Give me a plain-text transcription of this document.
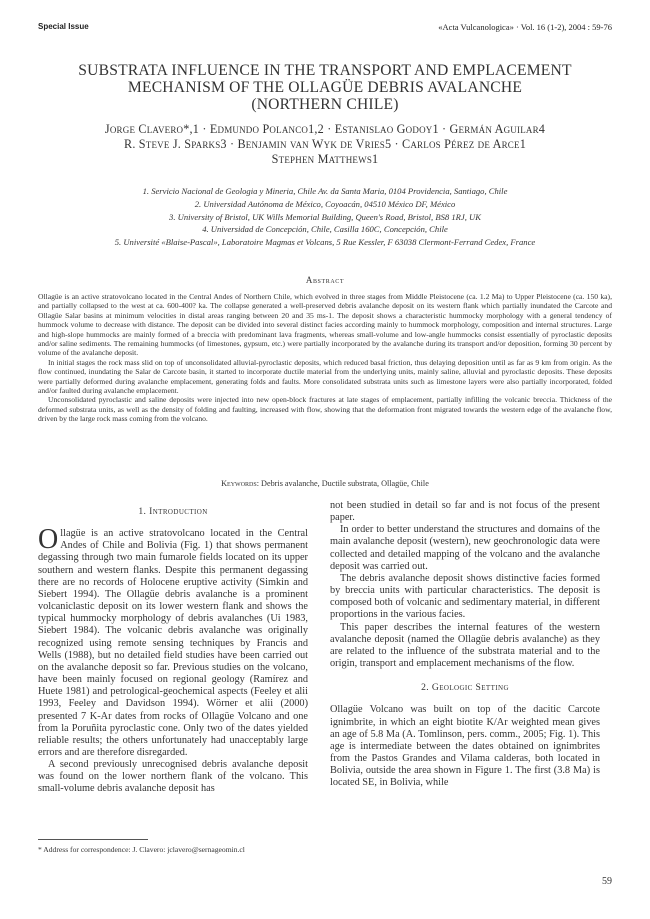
Special Issue	«Acta Vulcanologica» · Vol. 16 (1-2), 2004 : 59-76
SUBSTRATA INFLUENCE IN THE TRANSPORT AND EMPLACEMENT
MECHANISM OF THE OLLAGÜE DEBRIS AVALANCHE
(NORTHERN CHILE)
Jorge Clavero*,1 · Edmundo Polanco1,2 · Estanislao Godoy1 · Germán Aguilar4
R. Steve J. Sparks3 · Benjamin van Wyk de Vries5 · Carlos Pérez de Arce1
Stephen Matthews1
1. Servicio Nacional de Geologia y Mineria, Chile Av. da Santa Maria, 0104 Providencia, Santiago, Chile
2. Universidad Autónoma de México, Coyoacán, 04510 México DF, México
3. University of Bristol, UK Wills Memorial Building, Queen's Road, Bristol, BS8 1RJ, UK
4. Universidad de Concepción, Chile, Casilla 160C, Concepción, Chile
5. Université «Blaise-Pascal», Laboratoire Magmas et Volcans, 5 Rue Kessler, F 63038 Clermont-Ferrand Cedex, France
Abstract

Ollagüe is an active stratovolcano located in the Central Andes of Northern Chile, which evolved in three stages from Middle Pleistocene (ca. 1.2 Ma) to Upper Pleistocene (ca. 150 ka), and partially collapsed to the west at ca. 600-400? ka. The collapse generated a well-preserved debris avalanche deposit on its western flank which partially inundated the Carcote and Ollagüe Salar basins at minimum velocities in distal areas ranging between 20 and 35 ms-1. The deposit shows a characteristic hummocky morphology with a general tendency of hummock volume to decrease with distance. The deposit can be divided into several distinct facies according mainly to hummock morphology, composition and internal structures. Large and high-slope hummocks are mainly formed of a breccia with predominant lava fragments, whereas small-volume and low-angle hummocks consist essentially of pyroclastic deposits and/or saline sediments. The remaining hummocks (of limestones, gypsum, etc.) were partially incorporated by the avalanche during its transport and/or deposition, forming 30 percent by volume of the avalanche deposit.

In initial stages the rock mass slid on top of unconsolidated alluvial-pyroclastic deposits, which reduced basal friction, thus delaying deposition until as far as 9 km from origin. As the flow continued, inundating the Salar de Carcote basin, it started to incorporate ductile material from the underlying units, mainly saline, alluvial and pyroclastic deposits. These deposits were partially deformed during avalanche emplacement, generating folds and faults. More consolidated substrata units such as limestone layers were also partially incorporated, folded and/or faulted during avalanche emplacement.

Unconsolidated pyroclastic and saline deposits were injected into new open-block fractures at late stages of emplacement, partially infilling the volcanic breccia. Thickness of the deformed substrata units, as well as the density of folding and faulting, increased with flow, showing that the deformation front migrated towards the western edge of the avalanche flow, driven by the large rock mass coming from the volcano.

Keywords: Debris avalanche, Ductile substrata, Ollagüe, Chile
1. Introduction

Ollagüe is an active stratovolcano located in the Central Andes of Chile and Bolivia (Fig. 1) that shows permanent degassing through two main fumarole fields located on its upper southern and western flanks. Despite this permanent degassing there are no records of Holocene eruptive activity (Simkin and Siebert 1994). The Ollagüe debris avalanche is a prominent volcaniclastic deposit on its lower western flank and shows the typical hummocky morphology of debris avalanches (Ui 1983, Siebert 1984). The volcanic debris avalanche was originally recognized using remote sensing techniques by Francis and Wells (1988), but no detailed field studies have been carried out on the avalanche deposit so far. Previous studies on the volcano, have been mainly focused on regional geology (Ramírez and Huete 1981) and petrological-geochemical aspects (Feeley et alii 1993, Feeley and Davidson 1994). Wörner et alii (2000) presented 7 K-Ar dates from rocks of Ollagüe Volcano and one from la Poruñita pyroclastic cone. Only two of the dates yielded reliable results; the others unfortunately had unacceptably large errors and are therefore disregarded.

A second previously unrecognised debris avalanche deposit was found on the lower northern flank of the volcano. This small-volume debris avalanche deposit has

not been studied in detail so far and is not focus of the present paper.

In order to better understand the structures and domains of the main avalanche deposit (western), new geochronologic data were collected and detailed mapping of the volcano and the avalanche deposit was carried out.

The debris avalanche deposit shows distinctive facies formed by breccia units with particular characteristics. The deposit is composed both of volcanic and sedimentary material, in different proportions in the various facies.

This paper describes the internal features of the western avalanche deposit (named the Ollagüe debris avalanche) as they are related to the influence of the substrata material and to the origin, transport and emplacement mechanisms of the flow.

2. Geologic Setting

Ollagüe Volcano was built on top of the dacitic Carcote ignimbrite, in which an eight biotite K/Ar weighted mean gives an age of 5.8 Ma (A. Tomlinson, pers. comm., 2005; Fig. 1). This age is intermediate between the dates obtained on ignimbrites from the Pastos Grandes and Vilama calderas, both located in Bolivia, outside the area shown in Figure 1. The first (3.8 Ma) is located SE, in Bolivia, while

* Address for correspondence: J. Clavero: jclavero@sernageomin.cl
59
